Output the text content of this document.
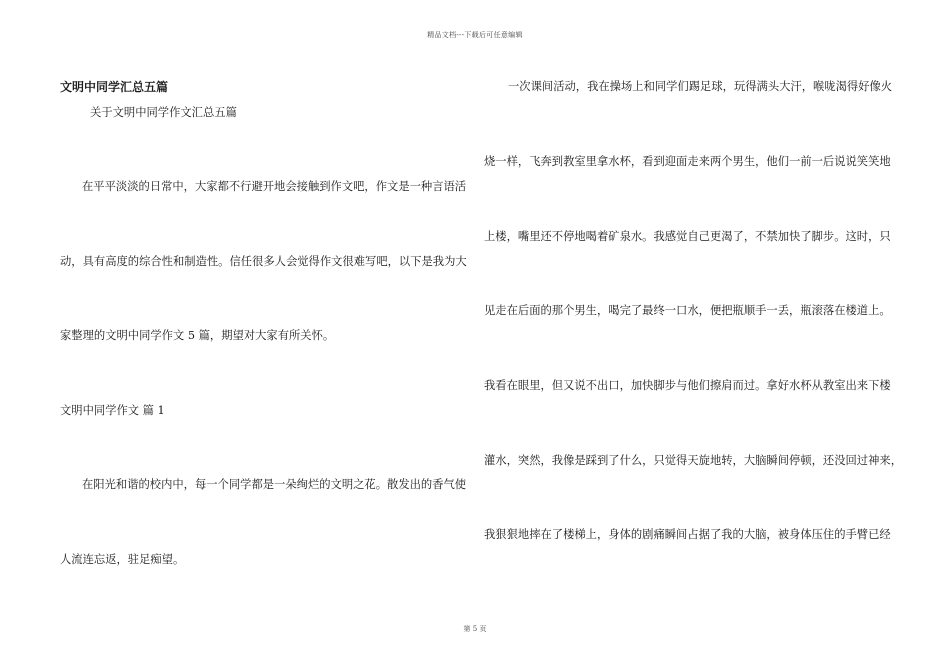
精品文档---下载后可任意编辑
文明中同学汇总五篇
关于文明中同学作文汇总五篇
在平平淡淡的日常中，大家都不行避开地会接触到作文吧，作文是一种言语活
动，具有高度的综合性和制造性。信任很多人会觉得作文很难写吧，以下是我为大
家整理的文明中同学作文 5 篇，期望对大家有所关怀。
文明中同学作文 篇 1
在阳光和谐的校内中，每一个同学都是一朵绚烂的文明之花。散发出的香气使
人流连忘返，驻足痴望。
一次课间活动，我在操场上和同学们踢足球，玩得满头大汗，喉咙渴得好像火
烧一样，飞奔到教室里拿水杯，看到迎面走来两个男生，他们一前一后说说笑笑地
上楼，嘴里还不停地喝着矿泉水。我感觉自己更渴了，不禁加快了脚步。这时，只
见走在后面的那个男生，喝完了最终一口水，便把瓶顺手一丢，瓶滚落在楼道上。
我看在眼里，但又说不出口，加快脚步与他们擦肩而过。拿好水杯从教室出来下楼
灌水，突然，我像是踩到了什么，只觉得天旋地转，大脑瞬间停顿，还没回过神来，
我狠狠地摔在了楼梯上，身体的剧痛瞬间占据了我的大脑，被身体压住的手臂已经
第 5 页
